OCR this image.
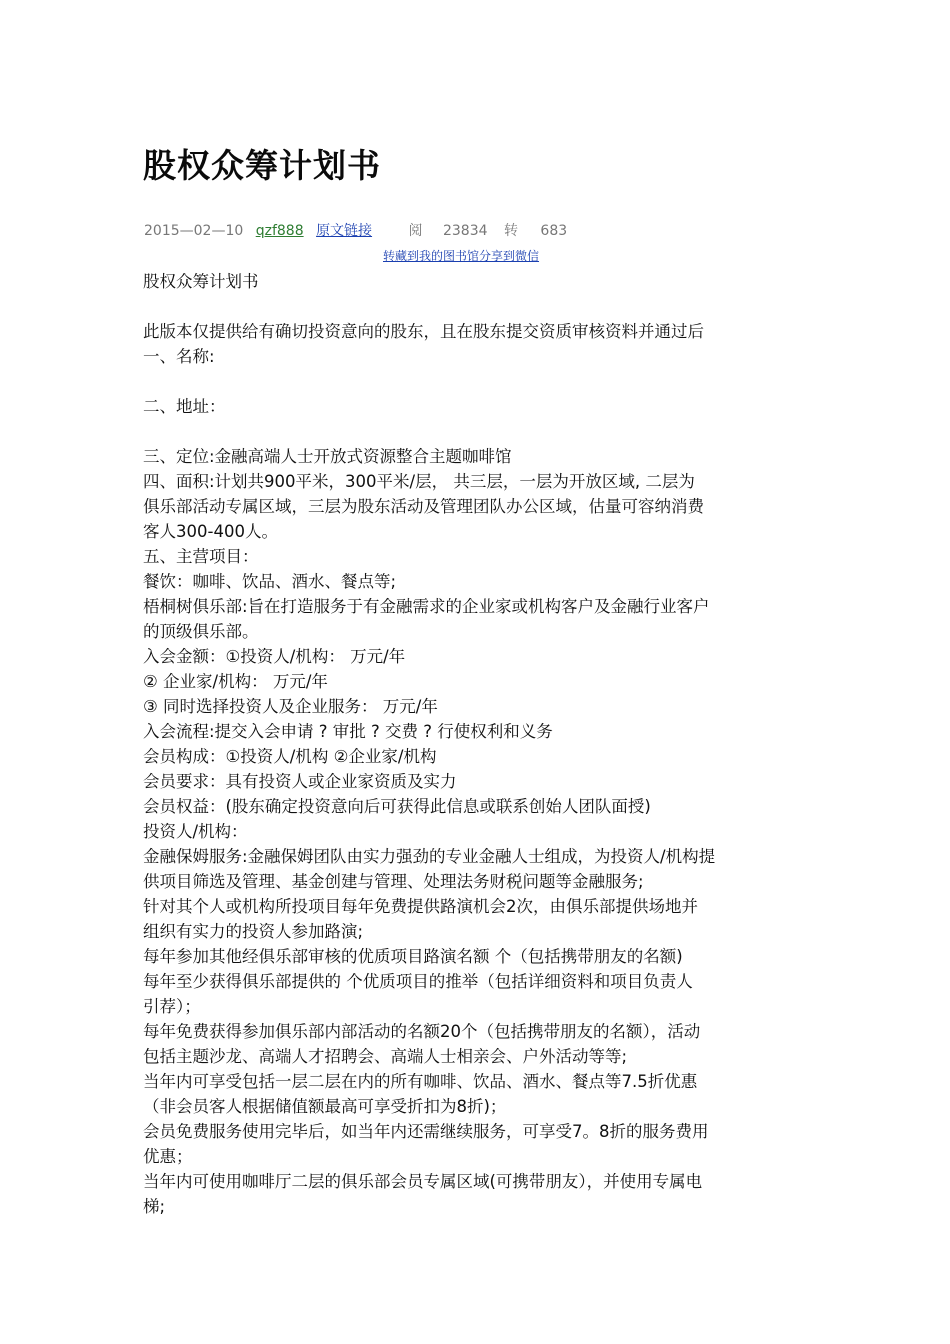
股权众筹计划书
2015—02—10 qzf888 原文链接	阅 23834 转 683
转藏到我的图书馆分享到微信

股权众筹计划书

此版本仅提供给有确切投资意向的股东，且在股东提交资质审核资料并通过后

一、名称:

二、地址：

三、定位:金融高端人士开放式资源整合主题咖啡馆

四、面积:计划共900平米，300平米/层， 共三层，一层为开放区域, 二层为

俱乐部活动专属区域，三层为股东活动及管理团队办公区域，估量可容纳消费

客人300-400人。

五、主营项目：

餐饮：咖啡、饮品、酒水、餐点等;

梧桐树俱乐部:旨在打造服务于有金融需求的企业家或机构客户及金融行业客户

的顶级俱乐部。

入会金额：①投资人/机构： 万元/年

② 企业家/机构： 万元/年

③ 同时选择投资人及企业服务： 万元/年

入会流程:提交入会申请 ? 审批 ? 交费 ? 行使权利和义务

会员构成：①投资人/机构 ②企业家/机构

会员要求：具有投资人或企业家资质及实力

会员权益：(股东确定投资意向后可获得此信息或联系创始人团队面授)

投资人/机构：

金融保姆服务:金融保姆团队由实力强劲的专业金融人士组成，为投资人/机构提

供项目筛选及管理、基金创建与管理、处理法务财税问题等金融服务;

针对其个人或机构所投项目每年免费提供路演机会2次，由俱乐部提供场地并

组织有实力的投资人参加路演;

每年参加其他经俱乐部审核的优质项目路演名额 个（包括携带朋友的名额)

每年至少获得俱乐部提供的 个优质项目的推举（包括详细资料和项目负责人

引荐）；

每年免费获得参加俱乐部内部活动的名额20个（包括携带朋友的名额），活动

包括主题沙龙、高端人才招聘会、高端人士相亲会、户外活动等等;

当年内可享受包括一层二层在内的所有咖啡、饮品、酒水、餐点等7.5折优惠

（非会员客人根据储值额最高可享受折扣为8折)；

会员免费服务使用完毕后，如当年内还需继续服务，可享受7。8折的服务费用

优惠；

当年内可使用咖啡厅二层的俱乐部会员专属区域(可携带朋友），并使用专属电

梯;
